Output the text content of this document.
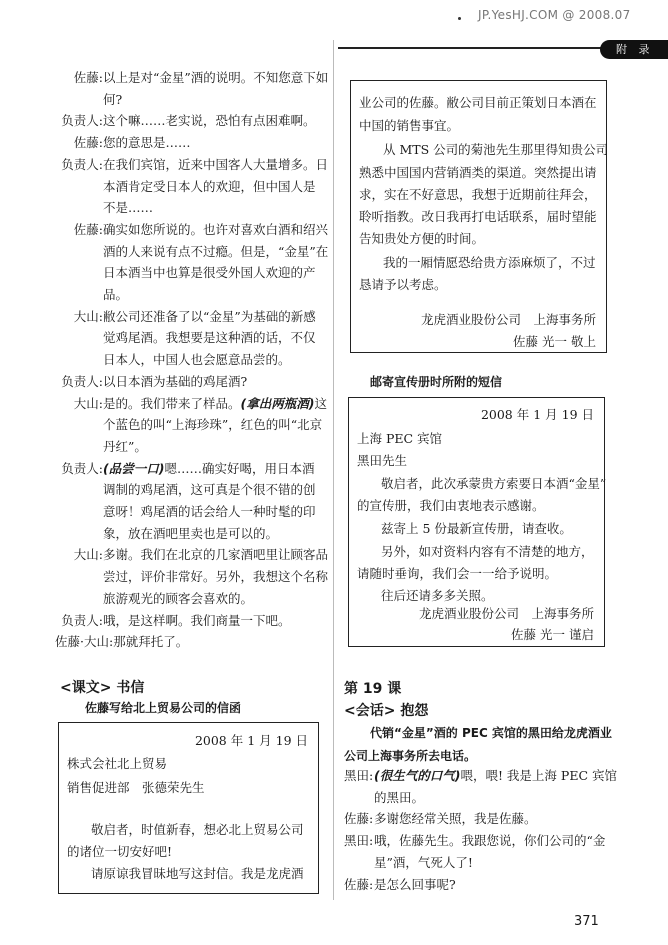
JP.YesHJ.COM @ 2008.07
附 录
佐藤: 以上是对“金星”酒的说明。不知您意下如
何?
负责人: 这个嘛……老实说，恐怕有点困难啊。
佐藤: 您的意思是……
负责人: 在我们宾馆，近来中国客人大量增多。日
本酒肯定受日本人的欢迎，但中国人是
不是……
佐藤: 确实如您所说的。也许对喜欢白酒和绍兴
酒的人来说有点不过瘾。但是，“金星”在
日本酒当中也算是很受外国人欢迎的产
品。
大山: 敝公司还准备了以“金星”为基础的新感
觉鸡尾酒。我想要是这种酒的话，不仅
日本人，中国人也会愿意品尝的。
负责人: 以日本酒为基础的鸡尾酒?
大山: 是的。我们带来了样品。(拿出两瓶酒)这
个蓝色的叫“上海珍珠”，红色的叫“北京
丹红”。
负责人: (品尝一口)嗯……确实好喝，用日本酒
调制的鸡尾酒，这可真是个很不错的创
意呀！鸡尾酒的话会给人一种时髦的印
象，放在酒吧里卖也是可以的。
大山: 多谢。我们在北京的几家酒吧里让顾客品
尝过，评价非常好。另外，我想这个名称
旅游观光的顾客会喜欢的。
负责人: 哦，是这样啊。我们商量一下吧。
佐藤·大山: 那就拜托了。
<课文> 书信
佐藤写给北上贸易公司的信函
2008 年 1 月 19 日
株式会社北上贸易
销售促进部　张德荣先生
敬启者，时值新春，想必北上贸易公司
的诸位一切安好吧!
请原谅我冒昧地写这封信。我是龙虎酒
业公司的佐藤。敝公司目前正策划日本酒在
中国的销售事宜。
从 MTS 公司的菊池先生那里得知贵公司
熟悉中国国内营销酒类的渠道。突然提出请
求，实在不好意思，我想于近期前往拜会，
聆听指教。改日我再打电话联系，届时望能
告知贵处方便的时间。
我的一厢情愿恐给贵方添麻烦了，不过
恳请予以考虑。
龙虎酒业股份公司　上海事务所
佐藤 光一 敬上
邮寄宣传册时所附的短信
2008 年 1 月 19 日
上海 PEC 宾馆
黑田先生
敬启者，此次承蒙贵方索要日本酒“金星”
的宣传册，我们由衷地表示感谢。
兹寄上 5 份最新宣传册，请查收。
另外，如对资料内容有不清楚的地方，
请随时垂询，我们会一一给予说明。
往后还请多多关照。
龙虎酒业股份公司　上海事务所
佐藤 光一 谨启
第 19 课
<会话> 抱怨
代销“金星”酒的 PEC 宾馆的黑田给龙虎酒业
公司上海事务所去电话。
黑田: (很生气的口气)喂，喂! 我是上海 PEC 宾馆
的黑田。
佐藤: 多谢您经常关照，我是佐藤。
黑田: 哦，佐藤先生。我跟您说，你们公司的“金
星”酒，气死人了!
佐藤: 是怎么回事呢?
371
